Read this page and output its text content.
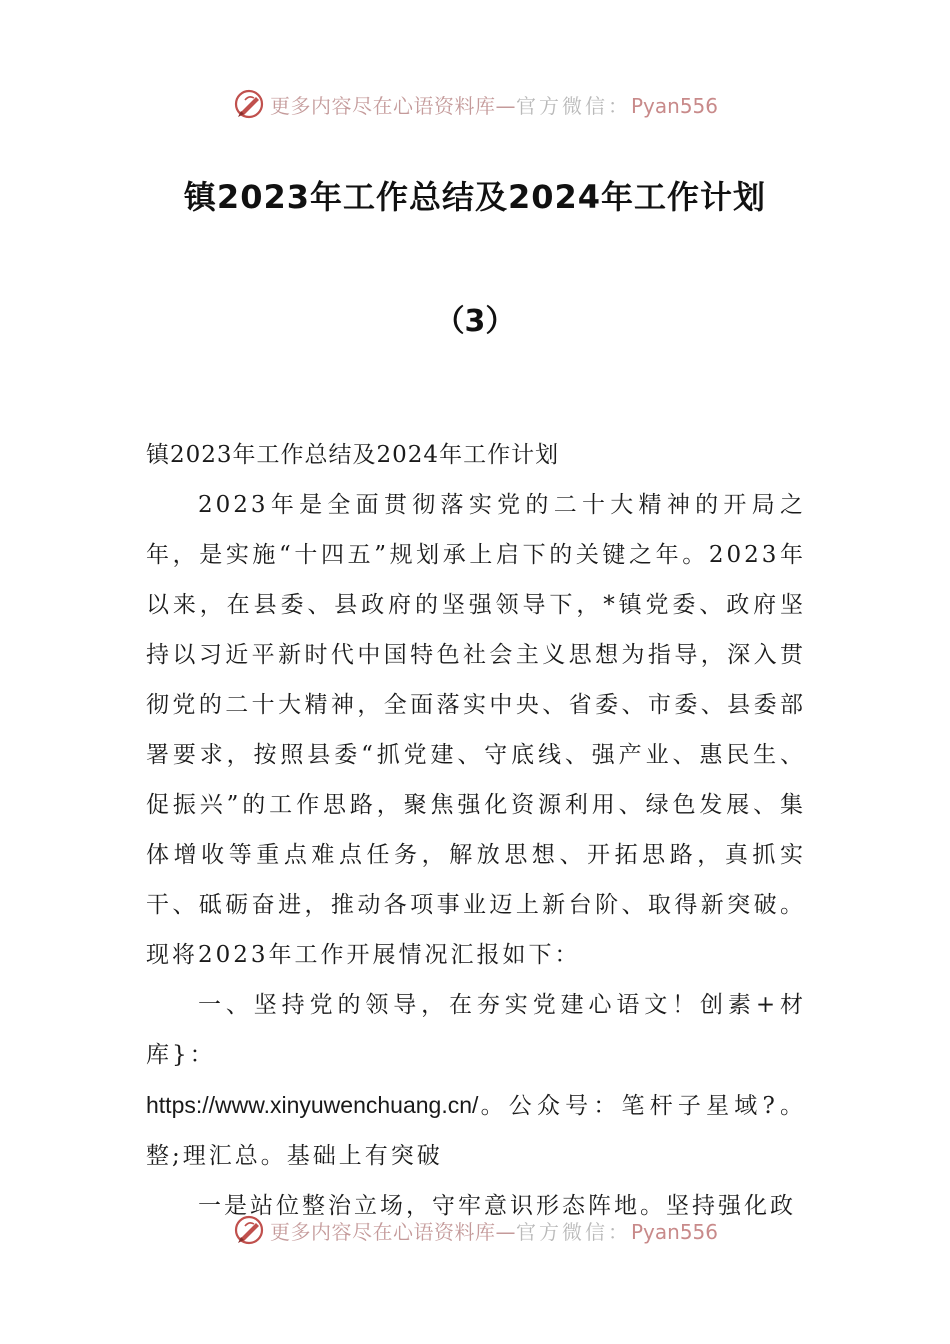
更多内容尽在心语资料库—官方微信：Pyan556
镇2023年工作总结及2024年工作计划
（3）

镇2023年工作总结及2024年工作计划

2023年是全面贯彻落实党的二十大精神的开局之年，是实施“十四五”规划承上启下的关键之年。2023年以来，在县委、县政府的坚强领导下，*镇党委、政府坚持以习近平新时代中国特色社会主义思想为指导，深入贯彻党的二十大精神，全面落实中央、省委、市委、县委部署要求，按照县委“抓党建、守底线、强产业、惠民生、促振兴”的工作思路，聚焦强化资源利用、绿色发展、集体增收等重点难点任务，解放思想、开拓思路，真抓实干、砥砺奋进，推动各项事业迈上新台阶、取得新突破。现将2023年工作开展情况汇报如下：

一、坚持党的领导，在夯实党建心语文！创素+材库}：

https://www.xinyuwenchuang.cn/。公众号：笔杆子星域?。整;理汇总。基础上有突破

一是站位整治立场，守牢意识形态阵地。坚持强化政

更多内容尽在心语资料库—官方微信：Pyan556
